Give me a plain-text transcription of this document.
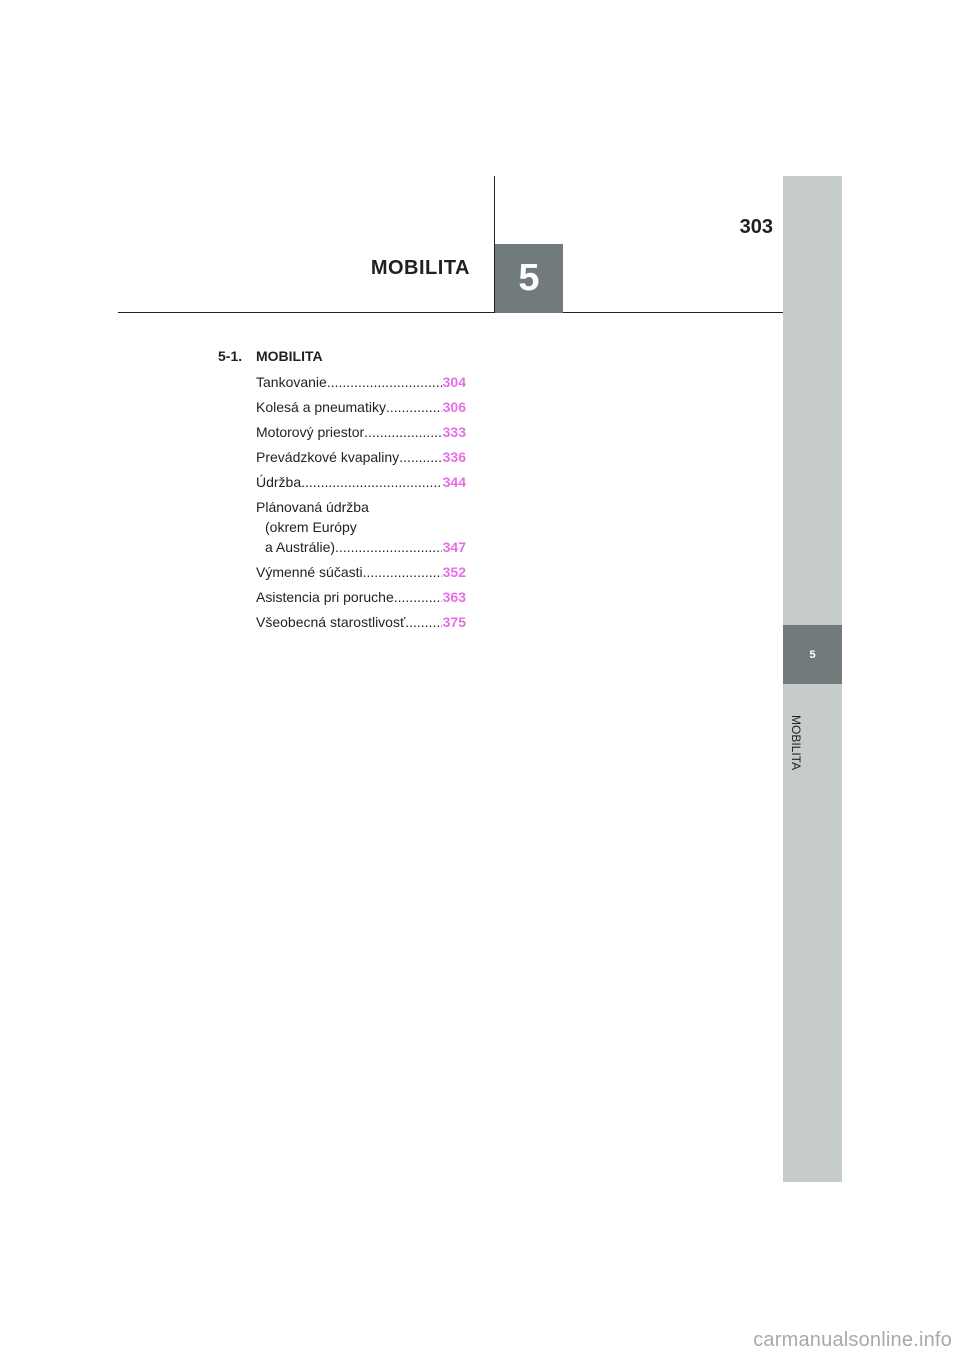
MOBILITA	5
303
5
MOBILITA
5-1. MOBILITA
Tankovanie .....	304
Kolesá a pneumatiky .....	306
Motorový priestor .....	333
Prevádzkové kvapaliny .....	336
Údržba .....	344
Plánovaná údržba
(okrem Európy
a Austrálie) .....	347
Výmenné súčasti .....	352
Asistencia pri poruche .....	363
Všeobecná starostlivosť .....	375
carmanualsonline.info
